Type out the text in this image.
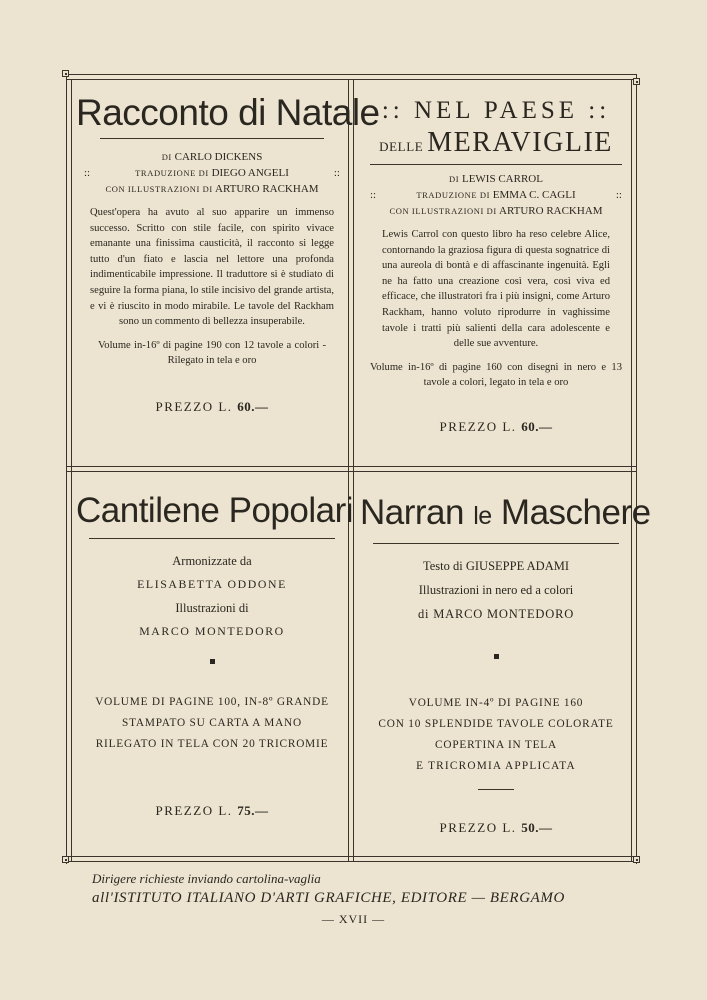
Racconto di Natale
DI CARLO DICKENS
::	TRADUZIONE DI DIEGO ANGELI	::
CON ILLUSTRAZIONI DI ARTURO RACKHAM
Quest'opera ha avuto al suo apparire un immenso successo. Scritto con stile facile, con spirito vivace emanante una finissima causticità, il racconto si legge tutto d'un fiato e lascia nel lettore una profonda indimenticabile impressione. Il traduttore si è studiato di seguire la forma piana, lo stile incisivo del grande artista, e vi è riuscito in modo mirabile. Le tavole del Rackham sono un commento di bellezza insuperabile.
Volume in-16º di pagine 190 con 12 tavole a colori - Rilegato in tela e oro
PREZZO L. 60.—
:: NEL PAESE ::
DELLE MERAVIGLIE
DI LEWIS CARROL
::	TRADUZIONE DI EMMA C. CAGLI	::
CON ILLUSTRAZIONI DI ARTURO RACKHAM
Lewis Carrol con questo libro ha reso celebre Alice, contornando la graziosa figura di questa sognatrice di una aureola di bontà e di affascinante ingenuità. Egli ne ha fatto una creazione così vera, così viva ed efficace, che illustratori fra i più insigni, come Arturo Rackham, hanno voluto riprodurre in vaghissime tavole i tratti più salienti della cara adolescente e delle sue avventure.
Volume in-16º di pagine 160 con disegni in nero e 13 tavole a colori, legato in tela e oro
PREZZO L. 60.—
Cantilene Popolari
Armonizzate da
ELISABETTA ODDONE
Illustrazioni di
MARCO MONTEDORO
VOLUME DI PAGINE 100, IN-8º GRANDE
STAMPATO SU CARTA A MANO
RILEGATO IN TELA CON 20 TRICROMIE
PREZZO L. 75.—
Narran le Maschere
Testo di GIUSEPPE ADAMI
Illustrazioni in nero ed a colori
di MARCO MONTEDORO
VOLUME IN-4º DI PAGINE 160
CON 10 SPLENDIDE TAVOLE COLORATE
COPERTINA IN TELA
E TRICROMIA APPLICATA
PREZZO L. 50.—
Dirigere richieste inviando cartolina-vaglia
all'ISTITUTO ITALIANO D'ARTI GRAFICHE, EDITORE — BERGAMO
— XVII —
